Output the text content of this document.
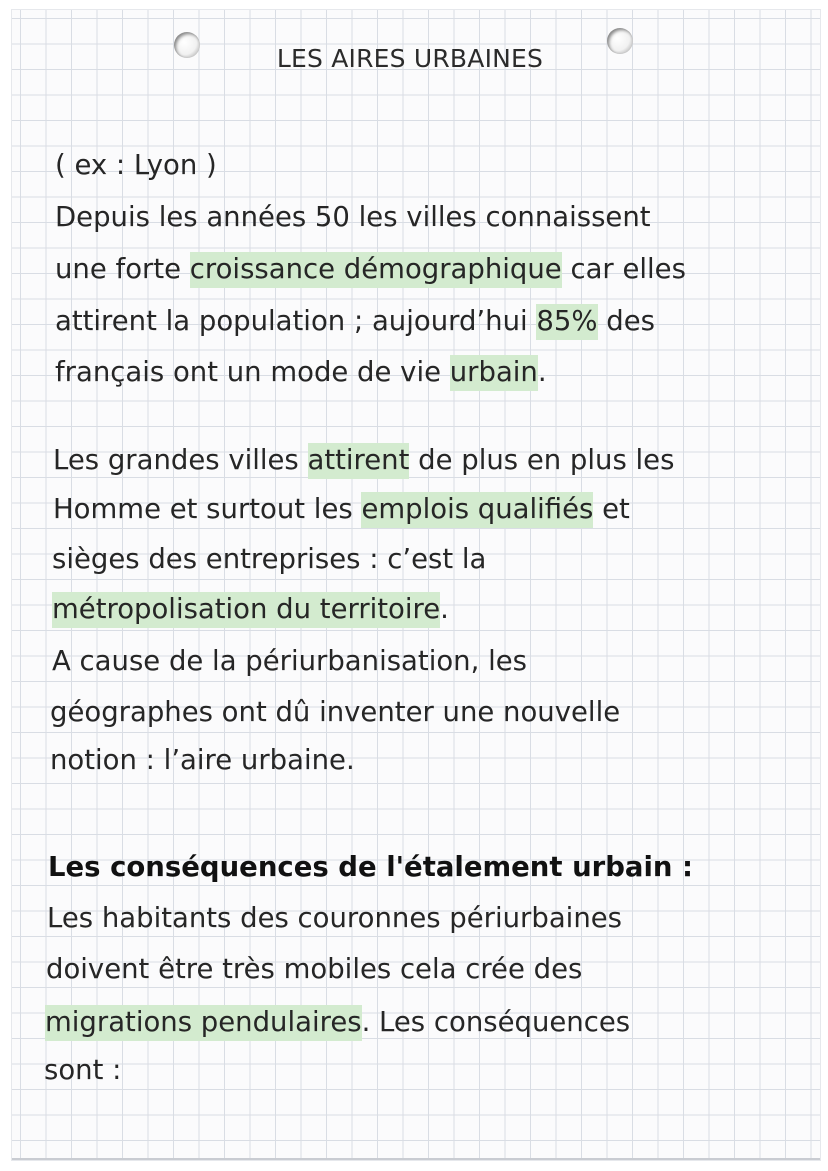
LES AIRES URBAINES
( ex : Lyon )
Depuis les années 50 les villes connaissent
une forte croissance démographique car elles
attirent la population ; aujourd’hui 85% des
français ont un mode de vie urbain.
Les grandes villes attirent de plus en plus les
Homme et surtout les emplois qualifiés et
sièges des entreprises : c’est la
métropolisation du territoire.
A cause de la périurbanisation, les
géographes ont dû inventer une nouvelle
notion : l’aire urbaine.
Les conséquences de l'étalement urbain :
Les habitants des couronnes périurbaines
doivent être très mobiles cela crée des
migrations pendulaires. Les conséquences
sont :
